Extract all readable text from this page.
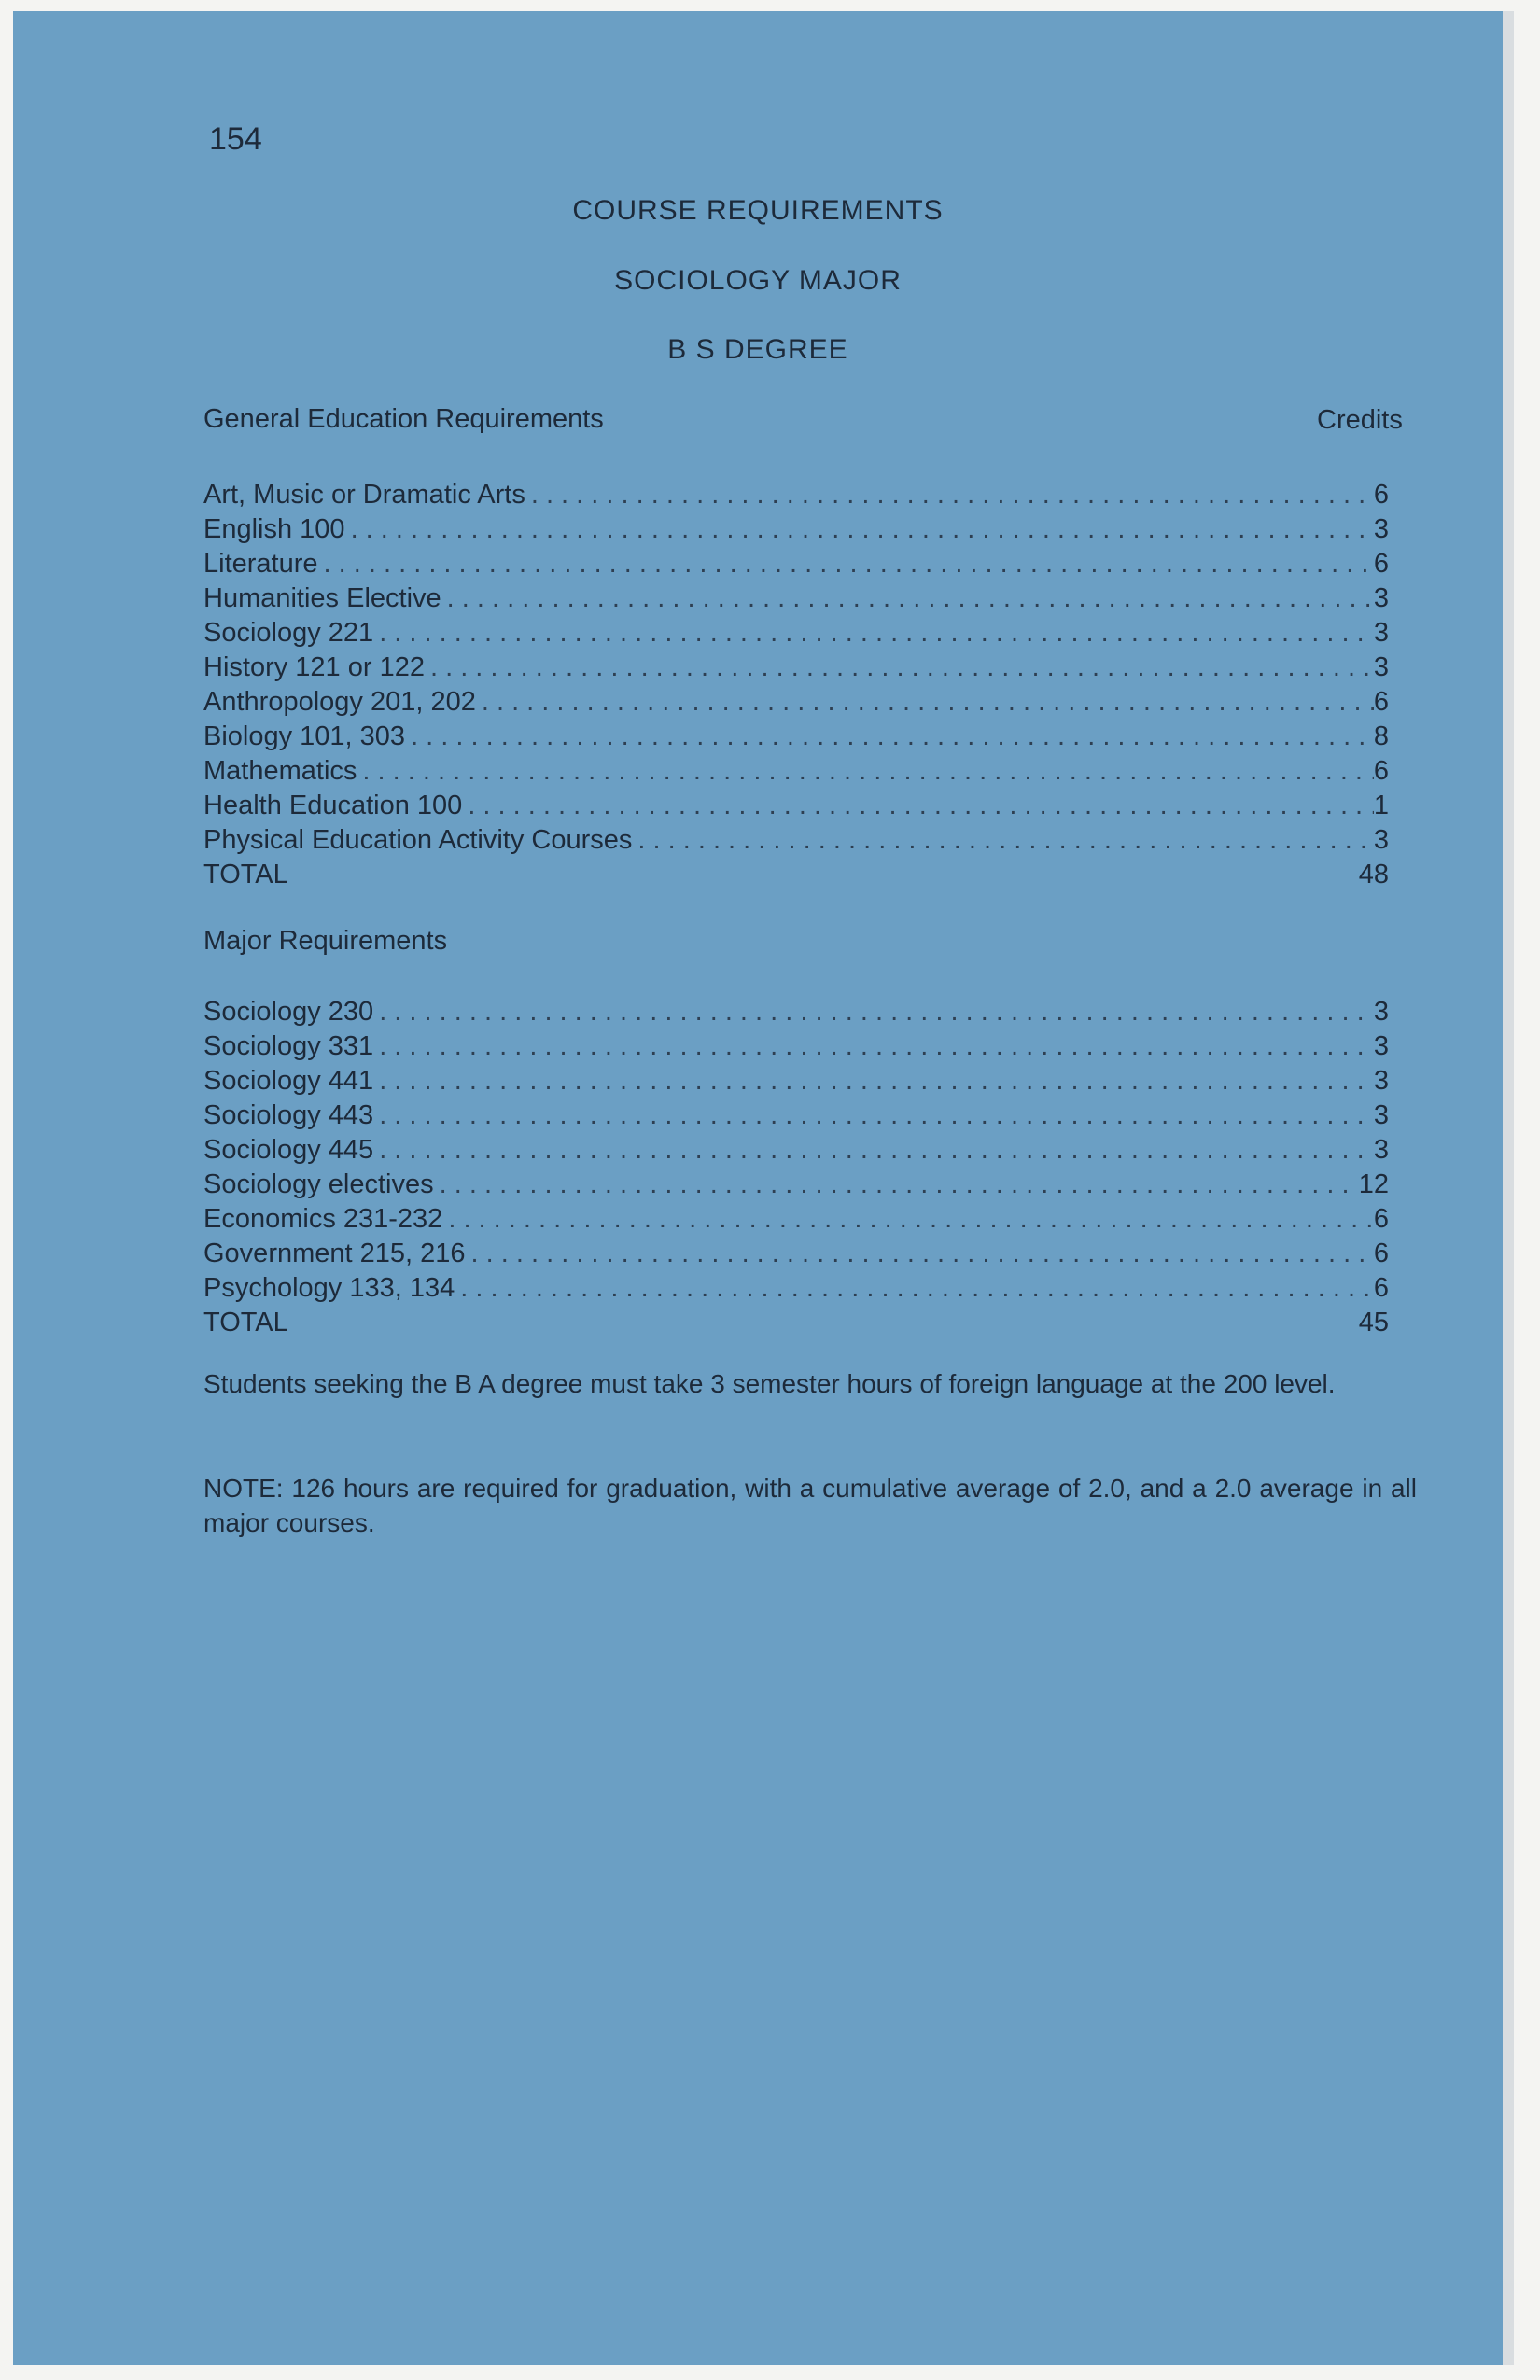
154
COURSE REQUIREMENTS
SOCIOLOGY MAJOR
B S DEGREE
General Education Requirements	Credits
Art, Music or Dramatic Arts . . .	6
English 100 . . .	3
Literature . . .	6
Humanities Elective . . .	3
Sociology 221 . . .	3
History 121 or 122 . . .	3
Anthropology 201, 202 . . .	6
Biology 101, 303 . . .	8
Mathematics . . .	6
Health Education 100 . . .	1
Physical Education Activity Courses . . .	3
TOTAL	48
Major Requirements
Sociology 230 . . .	3
Sociology 331 . . .	3
Sociology 441 . . .	3
Sociology 443 . . .	3
Sociology 445 . . .	3
Sociology electives . . .	12
Economics 231-232 . . .	6
Government 215, 216 . . .	6
Psychology 133, 134 . . .	6
TOTAL	45
Students seeking the B A degree must take 3 semester hours of foreign language at the 200 level.
NOTE: 126 hours are required for graduation, with a cumulative average of 2.0, and a 2.0 average in all major courses.
